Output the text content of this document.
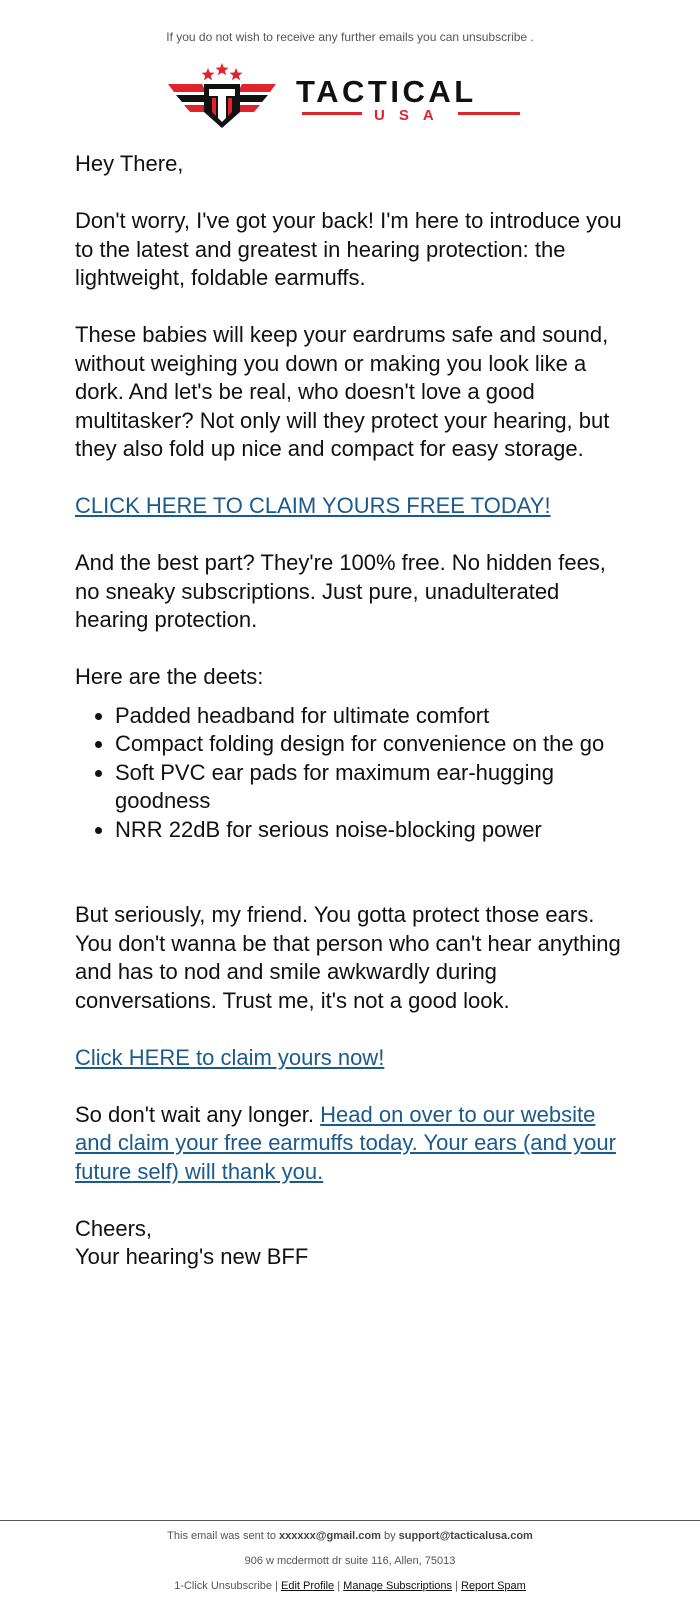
If you do not wish to receive any further emails you can unsubscribe .
TACTICAL
USA

Hey There,

Don't worry, I've got your back! I'm here to introduce you to the latest and greatest in hearing protection: the lightweight, foldable earmuffs.

These babies will keep your eardrums safe and sound, without weighing you down or making you look like a dork. And let's be real, who doesn't love a good multitasker? Not only will they protect your hearing, but they also fold up nice and compact for easy storage.

CLICK HERE TO CLAIM YOURS FREE TODAY!

And the best part? They're 100% free. No hidden fees, no sneaky subscriptions. Just pure, unadulterated hearing protection.

Here are the deets:

• Padded headband for ultimate comfort
• Compact folding design for convenience on the go
• Soft PVC ear pads for maximum ear-hugging goodness
• NRR 22dB for serious noise-blocking power

But seriously, my friend. You gotta protect those ears. You don't wanna be that person who can't hear anything and has to nod and smile awkwardly during conversations. Trust me, it's not a good look.

Click HERE to claim yours now!

So don't wait any longer. Head on over to our website and claim your free earmuffs today. Your ears (and your future self) will thank you.

Cheers,
Your hearing's new BFF

This email was sent to xxxxxx@gmail.com by support@tacticalusa.com
906 w mcdermott dr suite 116, Allen, 75013
1-Click Unsubscribe | Edit Profile | Manage Subscriptions | Report Spam
